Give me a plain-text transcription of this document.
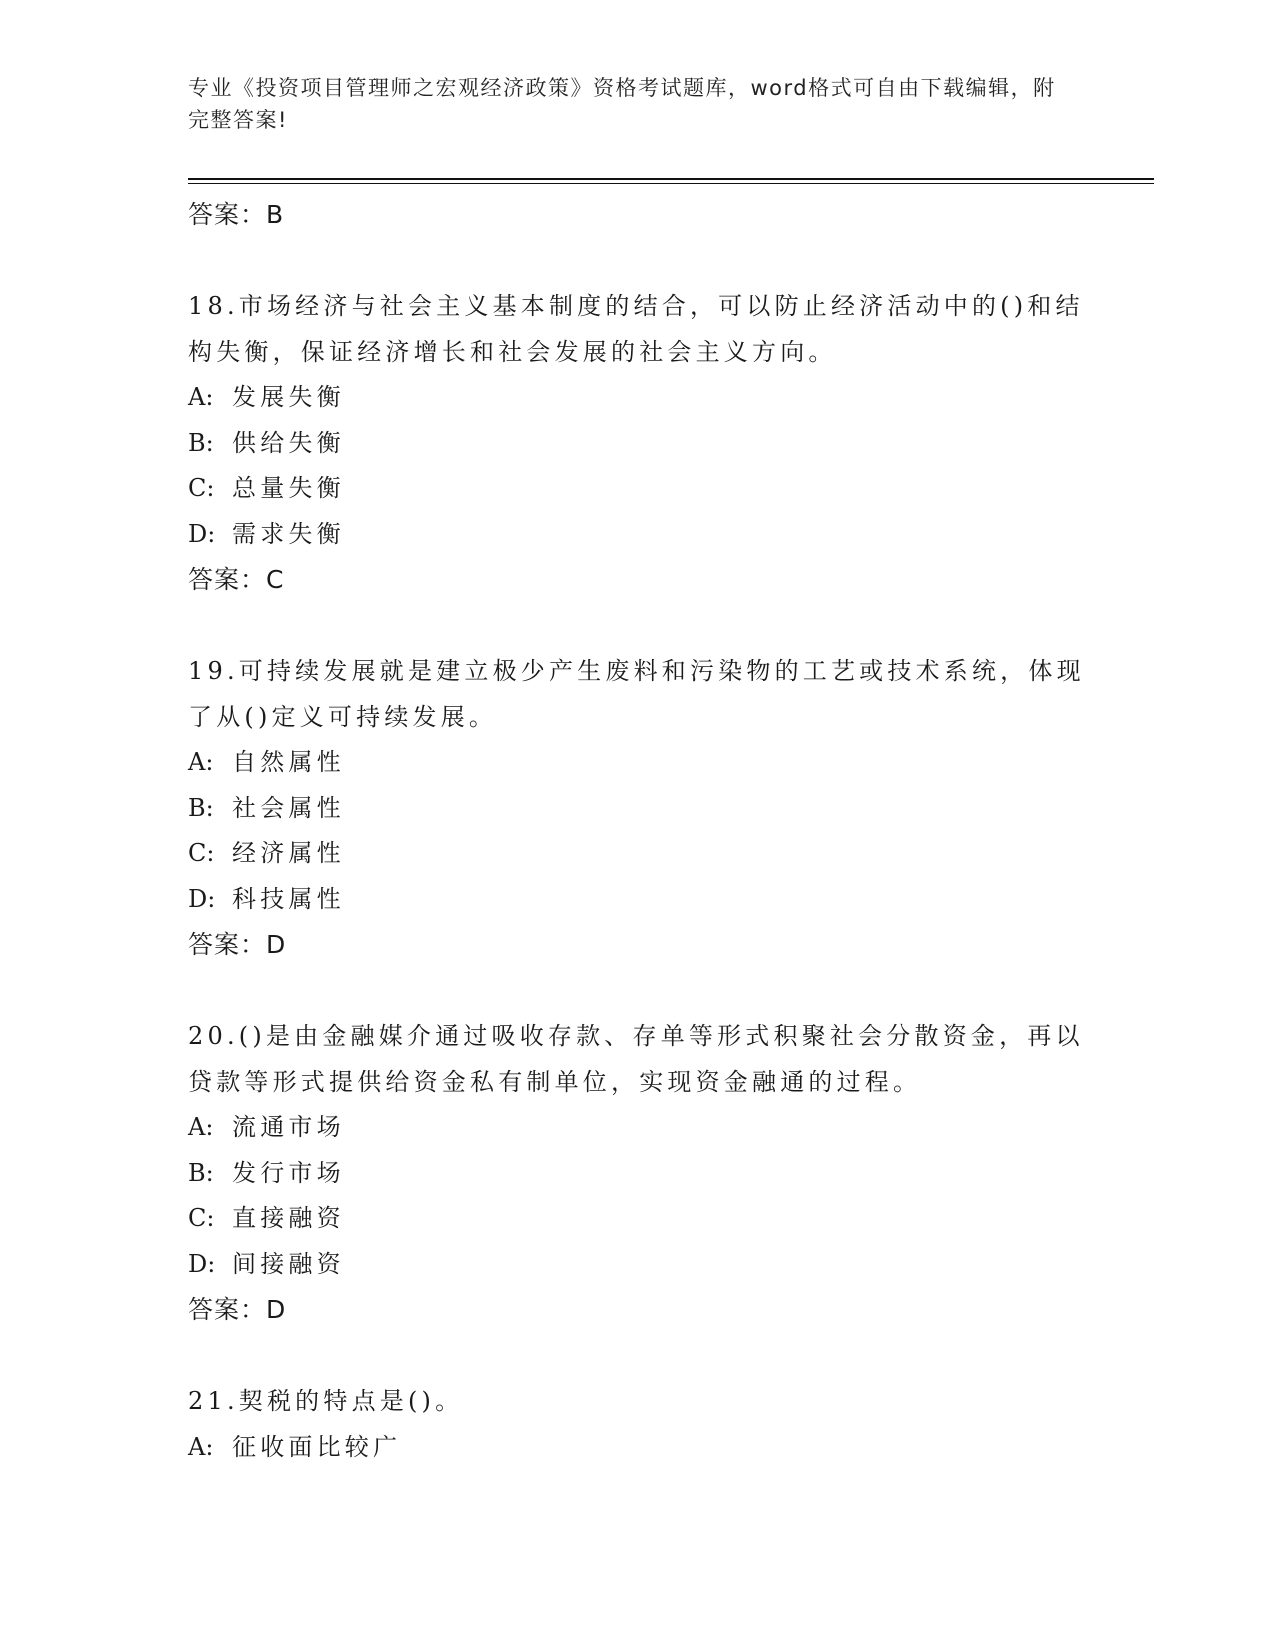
专业《投资项目管理师之宏观经济政策》资格考试题库，word格式可自由下载编辑，附完整答案!
答案：B
18.市场经济与社会主义基本制度的结合，可以防止经济活动中的()和结构失衡，保证经济增长和社会发展的社会主义方向。
A: 发展失衡
B: 供给失衡
C: 总量失衡
D: 需求失衡
答案：C
19.可持续发展就是建立极少产生废料和污染物的工艺或技术系统，体现了从()定义可持续发展。
A: 自然属性
B: 社会属性
C: 经济属性
D: 科技属性
答案：D
20.()是由金融媒介通过吸收存款、存单等形式积聚社会分散资金，再以贷款等形式提供给资金私有制单位，实现资金融通的过程。
A: 流通市场
B: 发行市场
C: 直接融资
D: 间接融资
答案：D
21.契税的特点是()。
A: 征收面比较广
